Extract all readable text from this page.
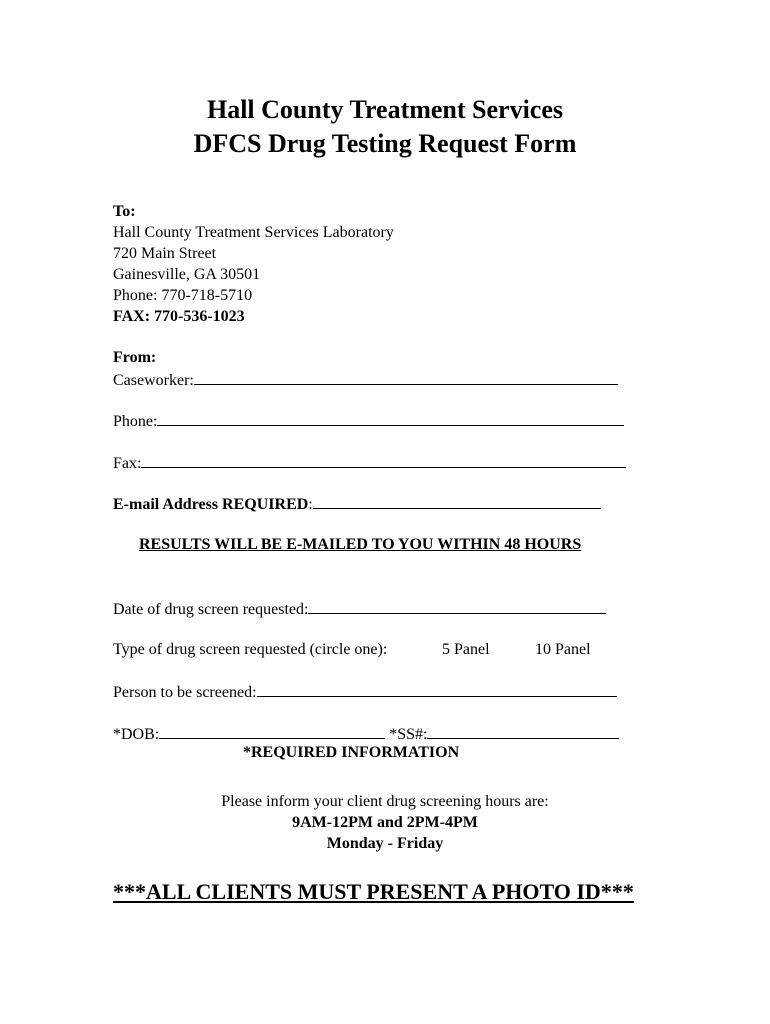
Hall County Treatment Services
DFCS Drug Testing Request Form
To:
Hall County Treatment Services Laboratory
720 Main Street
Gainesville, GA 30501
Phone: 770-718-5710
FAX: 770-536-1023
From:
Caseworker:
Phone:
Fax:
E-mail Address REQUIRED:
RESULTS WILL BE E-MAILED TO YOU WITHIN 48 HOURS
Date of drug screen requested:
Type of drug screen requested (circle one):	5 Panel	10 Panel
Person to be screened:
*DOB:	*SS#:
*REQUIRED INFORMATION
Please inform your client drug screening hours are:
9AM-12PM and 2PM-4PM
Monday - Friday
***ALL CLIENTS MUST PRESENT A PHOTO ID***
